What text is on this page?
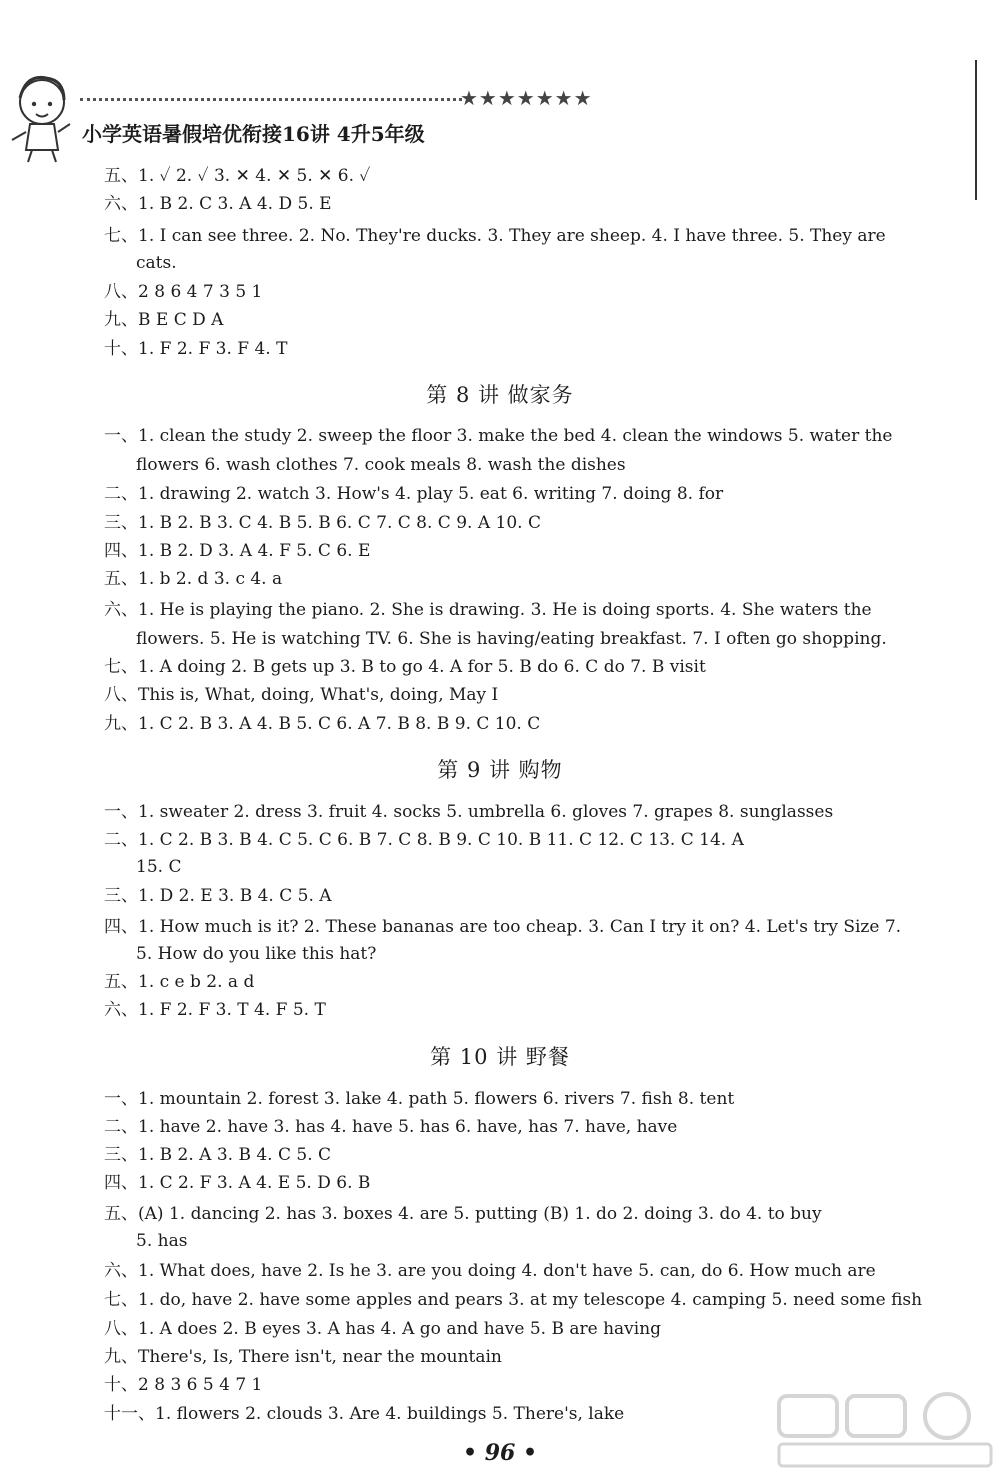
★★★★★★★
小学英语暑假培优衔接16讲 4升5年级
五、1. ✓ 2. ✓ 3. ✕ 4. ✕ 5. ✕ 6. ✓
六、1. B 2. C 3. A 4. D 5. E
七、1. I can see three. 2. No. They're ducks. 3. They are sheep. 4. I have three. 5. They are
cats.
八、2 8 6 4 7 3 5 1
九、B E C D A
十、1. F 2. F 3. F 4. T
第 8 讲 做家务
一、1. clean the study 2. sweep the floor 3. make the bed 4. clean the windows 5. water the
flowers 6. wash clothes 7. cook meals 8. wash the dishes
二、1. drawing 2. watch 3. How's 4. play 5. eat 6. writing 7. doing 8. for
三、1. B 2. B 3. C 4. B 5. B 6. C 7. C 8. C 9. A 10. C
四、1. B 2. D 3. A 4. F 5. C 6. E
五、1. b 2. d 3. c 4. a
六、1. He is playing the piano. 2. She is drawing. 3. He is doing sports. 4. She waters the
flowers. 5. He is watching TV. 6. She is having/eating breakfast. 7. I often go shopping.
七、1. A doing 2. B gets up 3. B to go 4. A for 5. B do 6. C do 7. B visit
八、This is, What, doing, What's, doing, May I
九、1. C 2. B 3. A 4. B 5. C 6. A 7. B 8. B 9. C 10. C
第 9 讲 购物
一、1. sweater 2. dress 3. fruit 4. socks 5. umbrella 6. gloves 7. grapes 8. sunglasses
二、1. C 2. B 3. B 4. C 5. C 6. B 7. C 8. B 9. C 10. B 11. C 12. C 13. C 14. A
15. C
三、1. D 2. E 3. B 4. C 5. A
四、1. How much is it? 2. These bananas are too cheap. 3. Can I try it on? 4. Let's try Size 7.
5. How do you like this hat?
五、1. c e b 2. a d
六、1. F 2. F 3. T 4. F 5. T
第 10 讲 野餐
一、1. mountain 2. forest 3. lake 4. path 5. flowers 6. rivers 7. fish 8. tent
二、1. have 2. have 3. has 4. have 5. has 6. have, has 7. have, have
三、1. B 2. A 3. B 4. C 5. C
四、1. C 2. F 3. A 4. E 5. D 6. B
五、(A) 1. dancing 2. has 3. boxes 4. are 5. putting (B) 1. do 2. doing 3. do 4. to buy
5. has
六、1. What does, have 2. Is he 3. are you doing 4. don't have 5. can, do 6. How much are
七、1. do, have 2. have some apples and pears 3. at my telescope 4. camping 5. need some fish
八、1. A does 2. B eyes 3. A has 4. A go and have 5. B are having
九、There's, Is, There isn't, near the mountain
十、2 8 3 6 5 4 7 1
十一、1. flowers 2. clouds 3. Are 4. buildings 5. There's, lake
• 96 •
